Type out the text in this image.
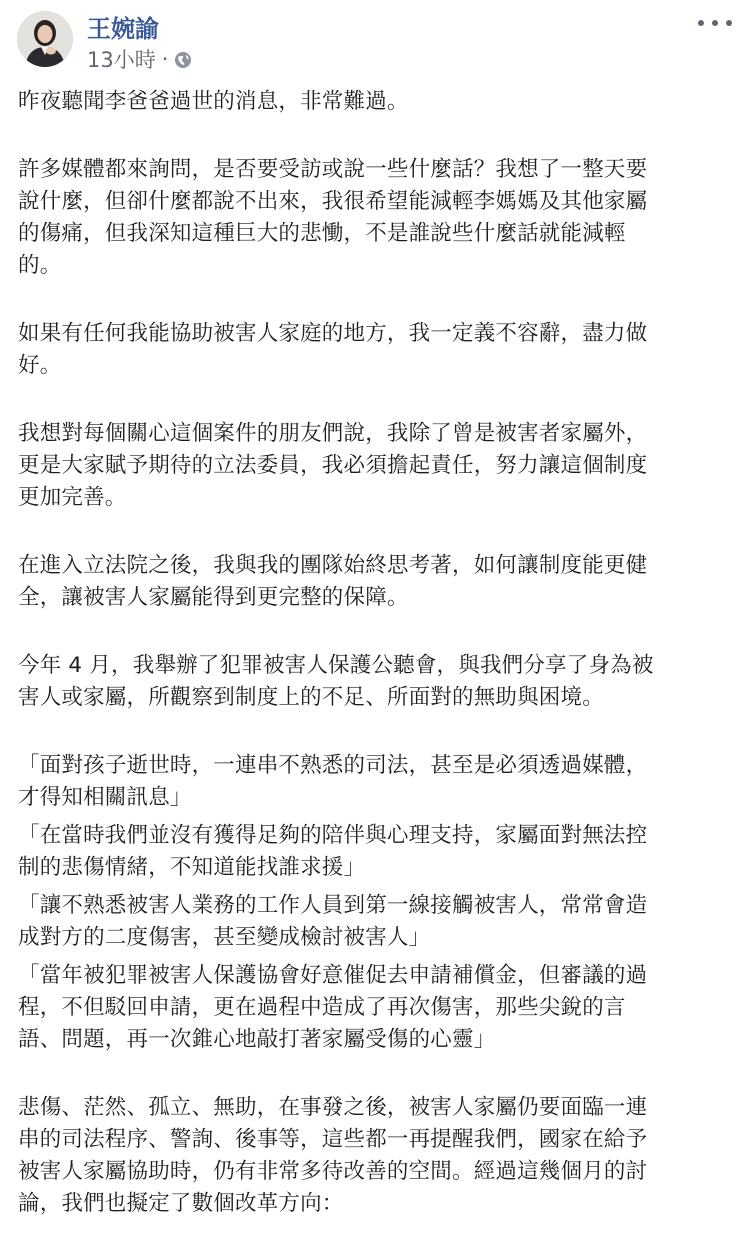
王婉諭
13小時 ·

昨夜聽聞李爸爸過世的消息，非常難過。

許多媒體都來詢問，是否要受訪或說一些什麼話？我想了一整天要
說什麼，但卻什麼都說不出來，我很希望能減輕李媽媽及其他家屬
的傷痛，但我深知這種巨大的悲慟，不是誰說些什麼話就能減輕
的。

如果有任何我能協助被害人家庭的地方，我一定義不容辭，盡力做
好。

我想對每個關心這個案件的朋友們說，我除了曾是被害者家屬外，
更是大家賦予期待的立法委員，我必須擔起責任，努力讓這個制度
更加完善。

在進入立法院之後，我與我的團隊始終思考著，如何讓制度能更健
全，讓被害人家屬能得到更完整的保障。

今年 4 月，我舉辦了犯罪被害人保護公聽會，與我們分享了身為被
害人或家屬，所觀察到制度上的不足、所面對的無助與困境。

「面對孩子逝世時，一連串不熟悉的司法，甚至是必須透過媒體，
才得知相關訊息」

「在當時我們並沒有獲得足夠的陪伴與心理支持，家屬面對無法控
制的悲傷情緒，不知道能找誰求援」

「讓不熟悉被害人業務的工作人員到第一線接觸被害人，常常會造
成對方的二度傷害，甚至變成檢討被害人」

「當年被犯罪被害人保護協會好意催促去申請補償金，但審議的過
程，不但駁回申請，更在過程中造成了再次傷害，那些尖銳的言
語、問題，再一次錐心地敲打著家屬受傷的心靈」

悲傷、茫然、孤立、無助，在事發之後，被害人家屬仍要面臨一連
串的司法程序、警詢、後事等，這些都一再提醒我們，國家在給予
被害人家屬協助時，仍有非常多待改善的空間。經過這幾個月的討
論，我們也擬定了數個改革方向：
